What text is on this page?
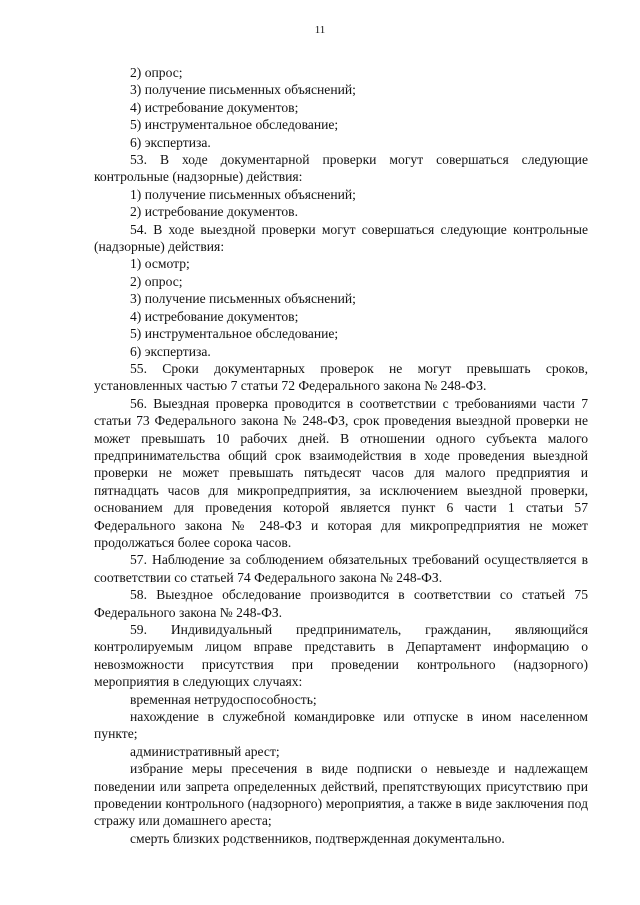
11

2) опрос;

3) получение письменных объяснений;

4) истребование документов;

5) инструментальное обследование;

6) экспертиза.

53. В ходе документарной проверки могут совершаться следующие контрольные (надзорные) действия:

1) получение письменных объяснений;

2) истребование документов.

54. В ходе выездной проверки могут совершаться следующие контрольные (надзорные) действия:

1) осмотр;

2) опрос;

3) получение письменных объяснений;

4) истребование документов;

5) инструментальное обследование;

6) экспертиза.

55. Сроки документарных проверок не могут превышать сроков, установленных частью 7 статьи 72 Федерального закона № 248-ФЗ.

56. Выездная проверка проводится в соответствии с требованиями части 7 статьи 73 Федерального закона № 248-ФЗ, срок проведения выездной проверки не может превышать 10 рабочих дней. В отношении одного субъекта малого предпринимательства общий срок взаимодействия в ходе проведения выездной проверки не может превышать пятьдесят часов для малого предприятия и пятнадцать часов для микропредприятия, за исключением выездной проверки, основанием для проведения которой является пункт 6 части 1 статьи 57 Федерального закона № 248-ФЗ и которая для микропредприятия не может продолжаться более сорока часов.

57. Наблюдение за соблюдением обязательных требований осуществляется в соответствии со статьей 74 Федерального закона № 248-ФЗ.

58. Выездное обследование производится в соответствии со статьей 75 Федерального закона № 248-ФЗ.

59. Индивидуальный предприниматель, гражданин, являющийся контролируемым лицом вправе представить в Департамент информацию о невозможности присутствия при проведении контрольного (надзорного) мероприятия в следующих случаях:

временная нетрудоспособность;

нахождение в служебной командировке или отпуске в ином населенном пункте;

административный арест;

избрание меры пресечения в виде подписки о невыезде и надлежащем поведении или запрета определенных действий, препятствующих присутствию при проведении контрольного (надзорного) мероприятия, а также в виде заключения под стражу или домашнего ареста;

смерть близких родственников, подтвержденная документально.
